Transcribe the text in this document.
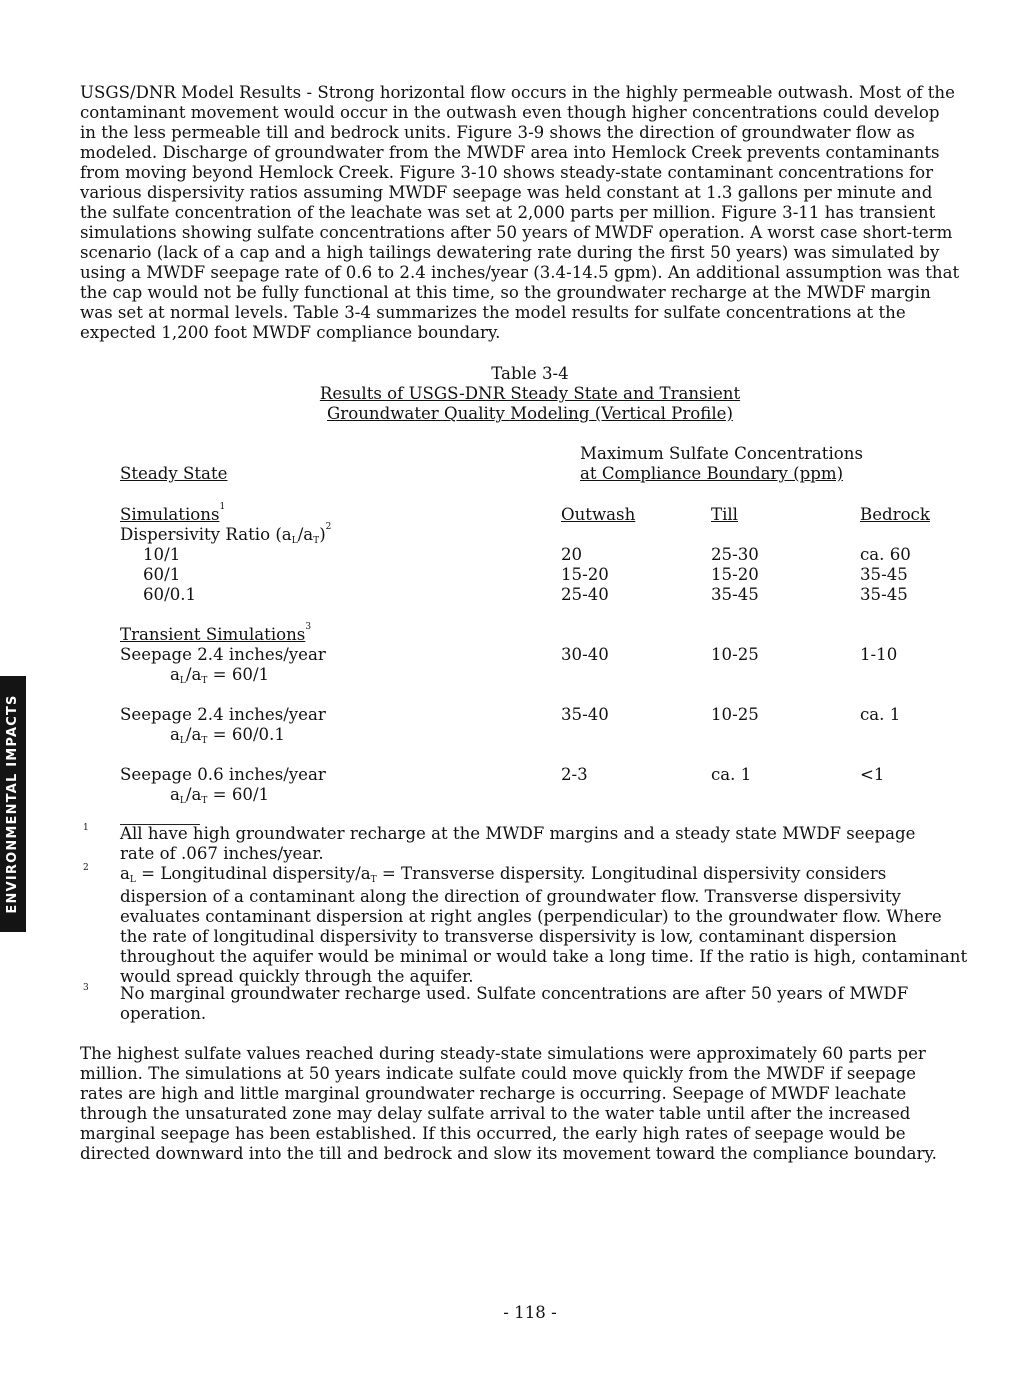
ENVIRONMENTAL IMPACTS
USGS/DNR Model Results - Strong horizontal flow occurs in the highly permeable outwash. Most of the contaminant movement would occur in the outwash even though higher concentrations could develop in the less permeable till and bedrock units. Figure 3-9 shows the direction of groundwater flow as modeled. Discharge of groundwater from the MWDF area into Hemlock Creek prevents contaminants from moving beyond Hemlock Creek. Figure 3-10 shows steady-state contaminant concentrations for various dispersivity ratios assuming MWDF seepage was held constant at 1.3 gallons per minute and the sulfate concentration of the leachate was set at 2,000 parts per million. Figure 3-11 has transient simulations showing sulfate concentrations after 50 years of MWDF operation. A worst case short-term scenario (lack of a cap and a high tailings dewatering rate during the first 50 years) was simulated by using a MWDF seepage rate of 0.6 to 2.4 inches/year (3.4-14.5 gpm). An additional assumption was that the cap would not be fully functional at this time, so the groundwater recharge at the MWDF margin was set at normal levels. Table 3-4 summarizes the model results for sulfate concentrations at the expected 1,200 foot MWDF compliance boundary.
Table 3-4
Results of USGS-DNR Steady State and Transient
Groundwater Quality Modeling (Vertical Profile)
Maximum Sulfate Concentrations
Steady State	at Compliance Boundary (ppm)
Simulations$^1$	Outwash	Till	Bedrock
Dispersivity Ratio $(aL/aT)^2$
10/1	20	25-30	ca. 60
60/1	15-20	15-20	35-45
60/0.1	25-40	35-45	35-45
Transient Simulations$^3$
Seepage 2.4 inches/year	30-40	10-25	1-10
aL/aT = 60/1
Seepage 2.4 inches/year	35-40	10-25	ca. 1
aL/aT = 60/0.1
Seepage 0.6 inches/year	2-3	ca. 1	<1
aL/aT = 60/1
1 All have high groundwater recharge at the MWDF margins and a steady state MWDF seepage
rate of .067 inches/year.
2 aL = Longitudinal dispersity/aT = Transverse dispersity. Longitudinal dispersivity considers
dispersion of a contaminant along the direction of groundwater flow. Transverse dispersivity evaluates contaminant dispersion at right angles (perpendicular) to the groundwater flow. Where the rate of longitudinal dispersivity to transverse dispersivity is low, contaminant dispersion throughout the aquifer would be minimal or would take a long time. If the ratio is high, contaminant would spread quickly through the aquifer.
3 No marginal groundwater recharge used. Sulfate concentrations are after 50 years of MWDF operation.
The highest sulfate values reached during steady-state simulations were approximately 60 parts per million. The simulations at 50 years indicate sulfate could move quickly from the MWDF if seepage rates are high and little marginal groundwater recharge is occurring. Seepage of MWDF leachate through the unsaturated zone may delay sulfate arrival to the water table until after the increased marginal seepage has been established. If this occurred, the early high rates of seepage would be directed downward into the till and bedrock and slow its movement toward the compliance boundary.
- 118 -
